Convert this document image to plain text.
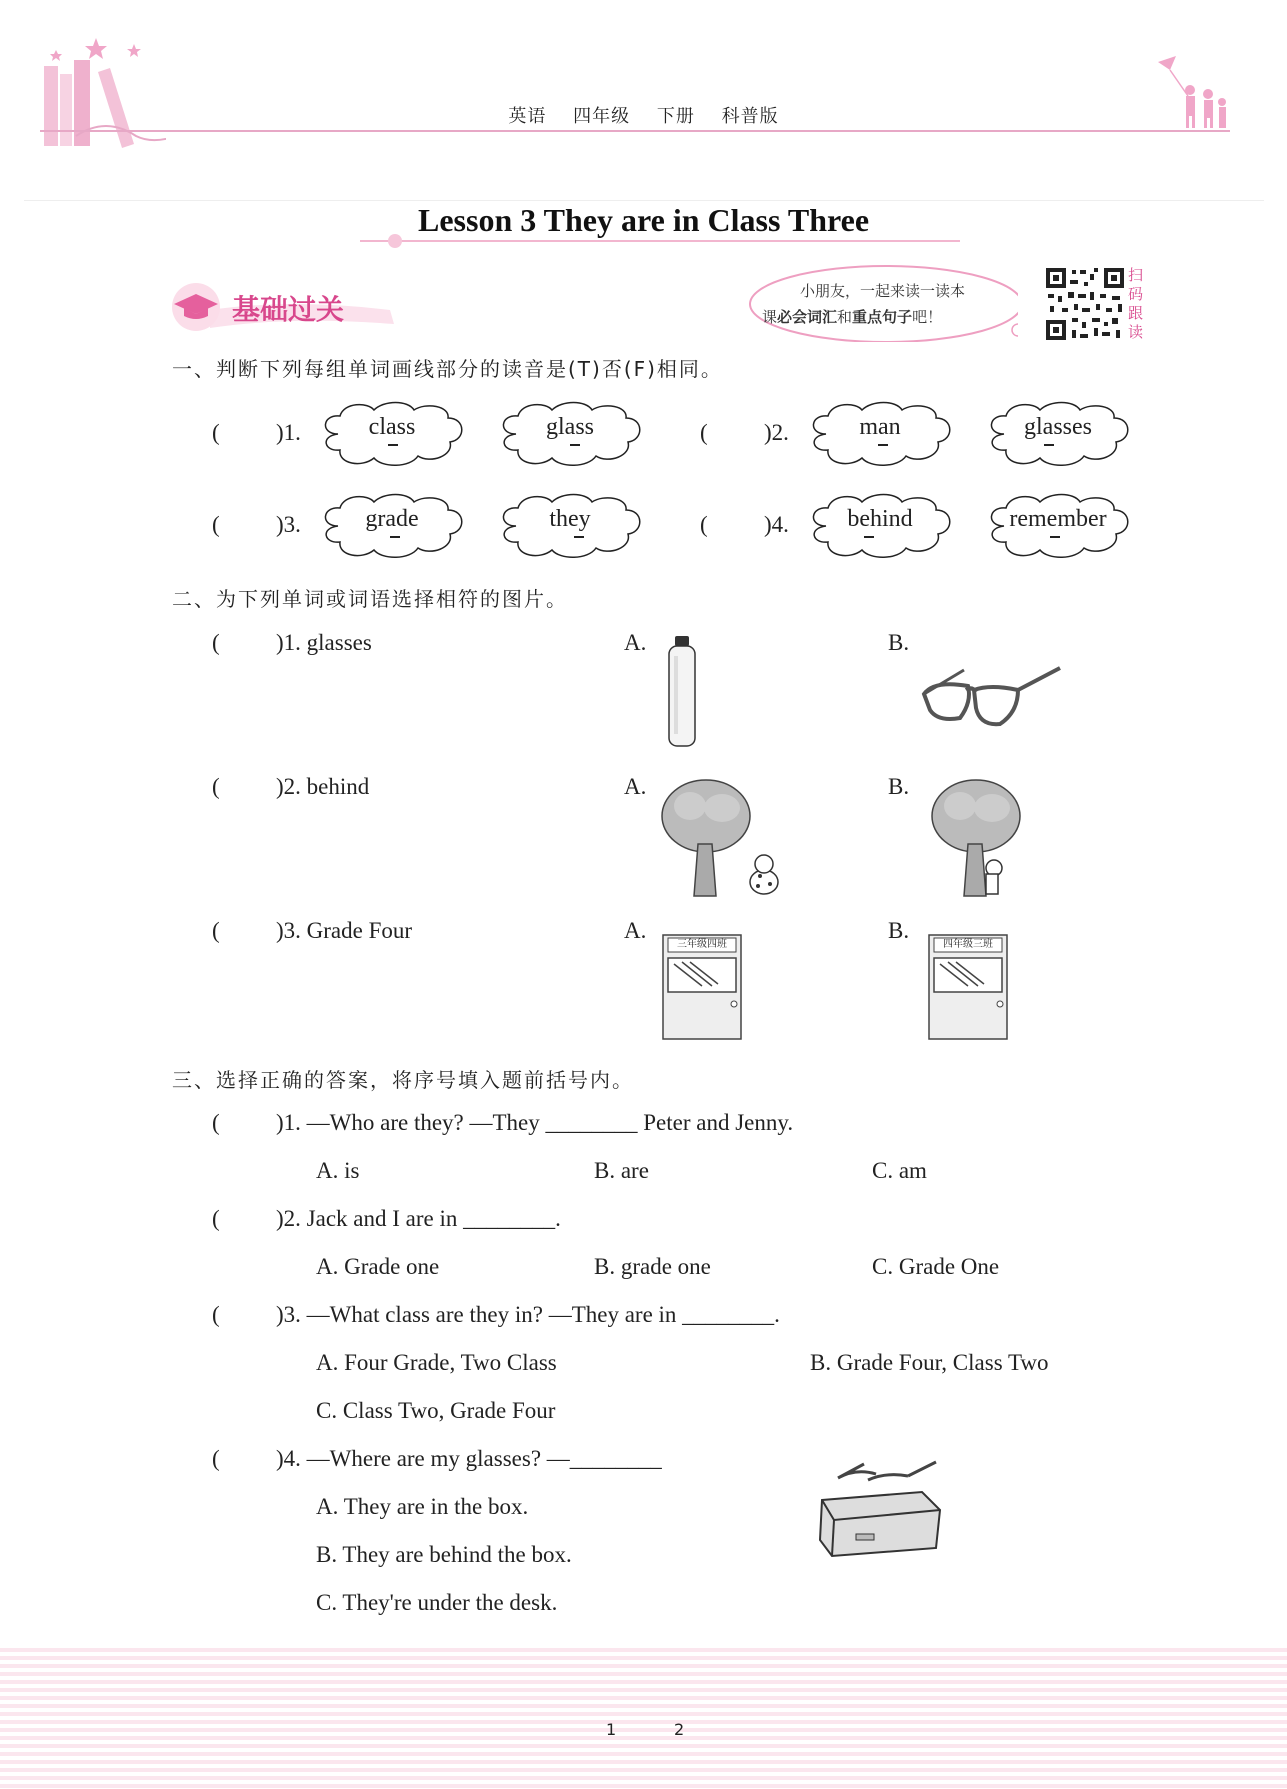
英语 四年级 下册 科普版
Lesson 3 They are in Class Three
基础过关
小朋友，一起来读一读本
课必会词汇和重点句子吧！
扫
码
跟
读
一、判断下列每组单词画线部分的读音是(T)否(F)相同。
( )1.	class	glass	( )2.	man	glasses
( )3.	grade	they	( )4.	behind	remember
二、为下列单词或词语选择相符的图片。
( )1. glasses	A.	B.
( )2. behind	A.	B.
( )3. Grade Four	A.	B.
三年级四班	四年级三班
三、选择正确的答案，将序号填入题前括号内。
( )1. —Who are they? —They ________ Peter and Jenny.
A. is	B. are	C. am
( )2. Jack and I are in ________.
A. Grade one	B. grade one	C. Grade One
( )3. —What class are they in? —They are in ________.
A. Four Grade, Two Class	B. Grade Four, Class Two
C. Class Two, Grade Four
( )4. —Where are my glasses? —________
A. They are in the box.
B. They are behind the box.
C. They're under the desk.
1	2
